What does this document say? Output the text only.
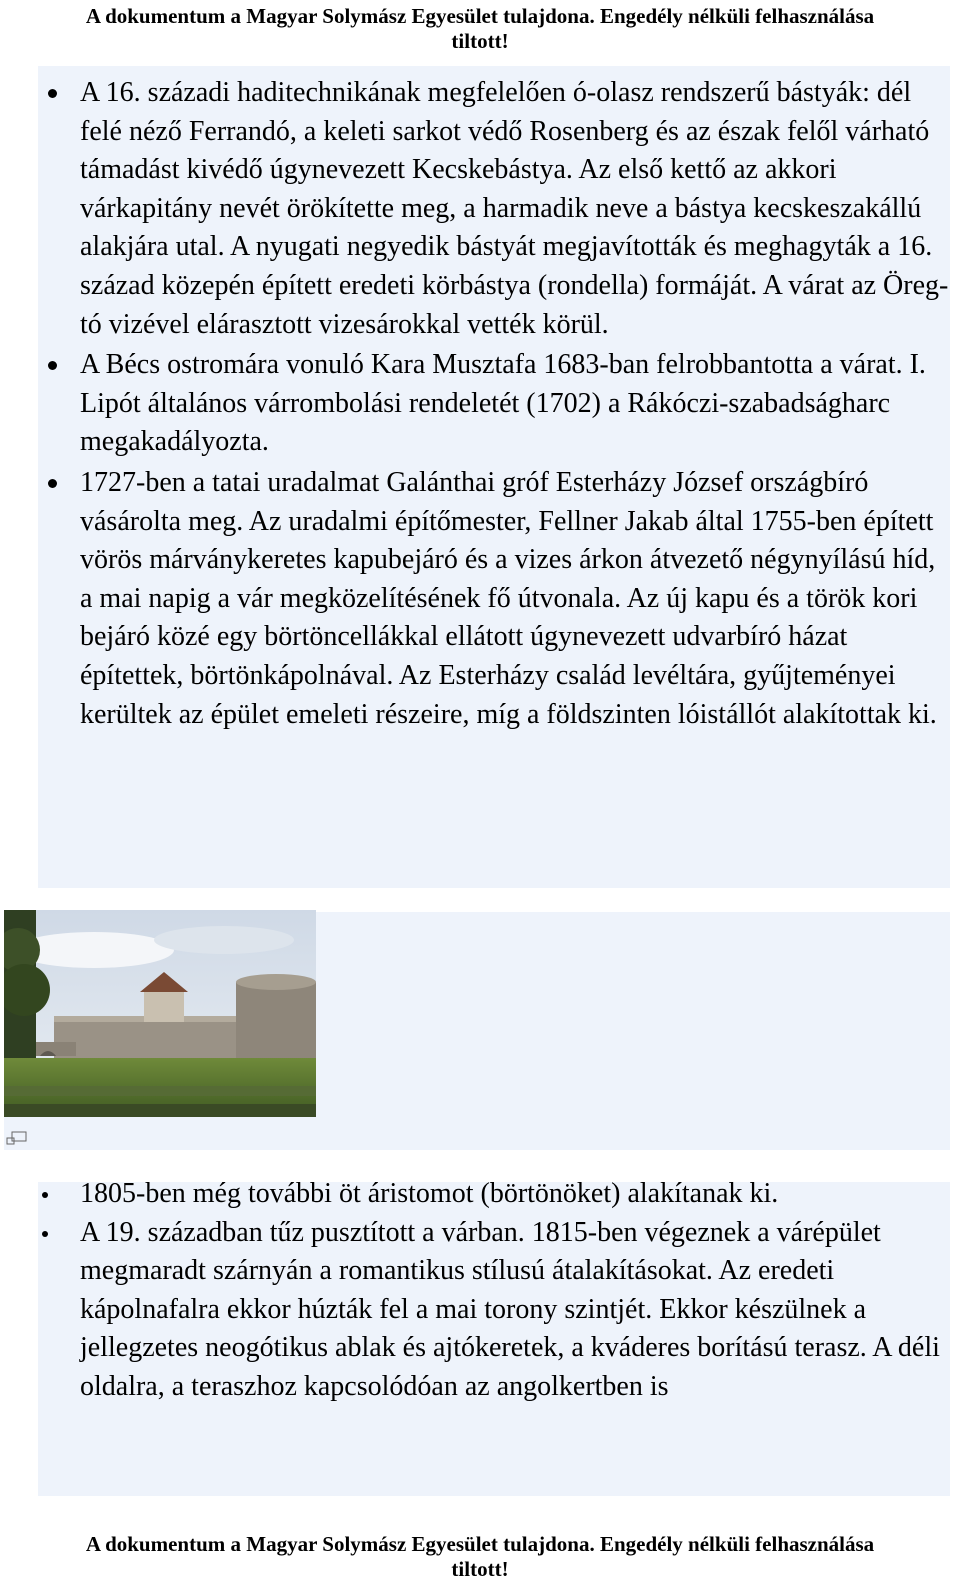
A dokumentum a Magyar Solymász Egyesület tulajdona. Engedély nélküli felhasználása
tiltott!
A 16. századi haditechnikának megfelelően ó-olasz rendszerű bástyák: dél felé néző Ferrandó, a keleti sarkot védő Rosenberg és az észak felől várható támadást kivédő úgynevezett Kecskebástya. Az első kettő az akkori várkapitány nevét örökítette meg, a harmadik neve a bástya kecskeszakállú alakjára utal. A nyugati negyedik bástyát megjavították és meghagyták a 16. század közepén épített eredeti körbástya (rondella) formáját. A várat az Öreg-tó vizével elárasztott vizesárokkal vették körül.
A Bécs ostromára vonuló Kara Musztafa 1683-ban felrobbantotta a várat. I. Lipót általános várrombolási rendeletét (1702) a Rákóczi-szabadságharc megakadályozta.
1727-ben a tatai uradalmat Galánthai gróf Esterházy József országbíró vásárolta meg. Az uradalmi építőmester, Fellner Jakab által 1755-ben épített vörös márványkeretes kapubejáró és a vizes árkon átvezető négynyílású híd, a mai napig a vár megközelítésének fő útvonala. Az új kapu és a török kori bejáró közé egy börtöncellákkal ellátott úgynevezett udvarbíró házat építettek, börtönkápolnával. Az Esterházy család levéltára, gyűjteményei kerültek az épület emeleti részeire, míg a földszinten lóistállót alakítottak ki.
1805-ben még további öt áristomot (börtönöket) alakítanak ki.
A 19. században tűz pusztított a várban. 1815-ben végeznek a várépület megmaradt szárnyán a romantikus stílusú átalakításokat. Az eredeti kápolnafalra ekkor húzták fel a mai torony szintjét. Ekkor készülnek a jellegzetes neogótikus ablak és ajtókeretek, a kváderes borítású terasz. A déli oldalra, a teraszhoz kapcsolódóan az angolkertben is
A dokumentum a Magyar Solymász Egyesület tulajdona. Engedély nélküli felhasználása
tiltott!
